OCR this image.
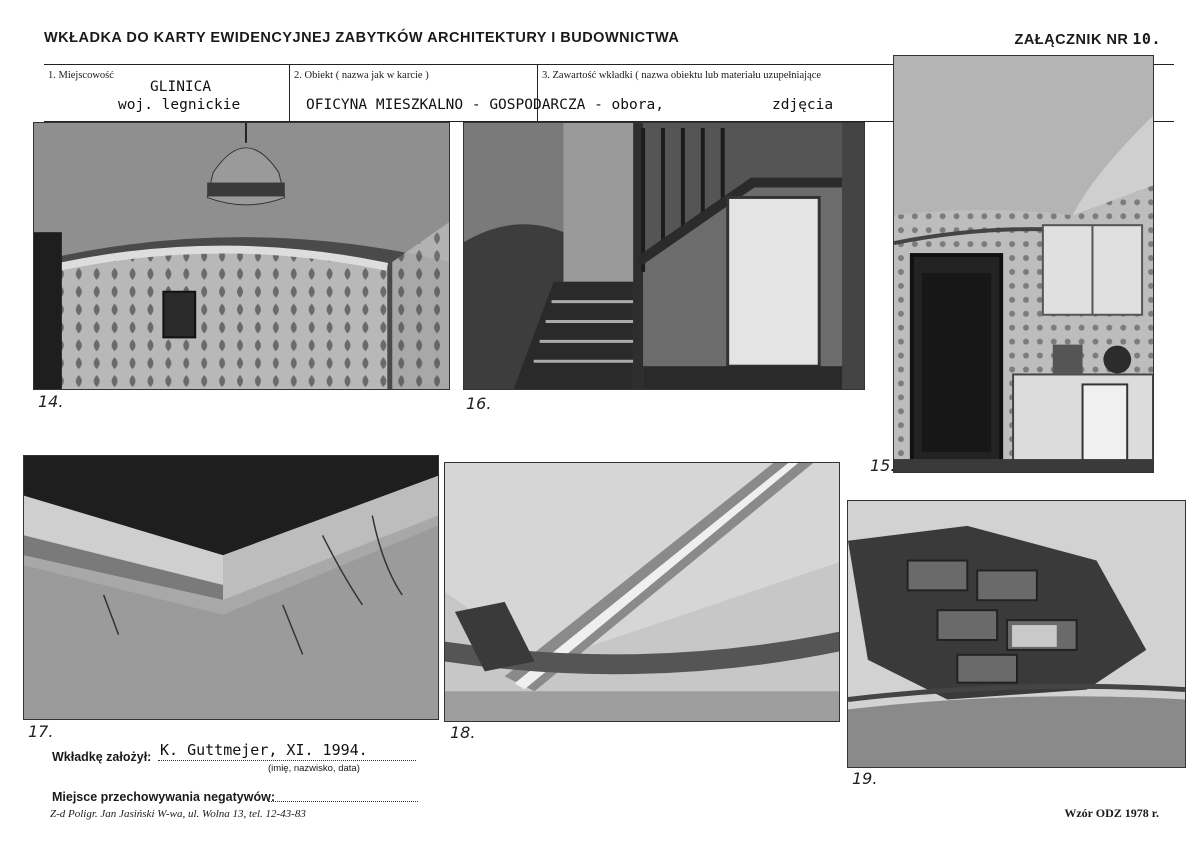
WKŁADKA DO KARTY EWIDENCYJNEJ ZABYTKÓW ARCHITEKTURY I BUDOWNICTWA	ZAŁĄCZNIK NR 10.
1. Miejscowość
GLINICA
woj. legnickie
2. Obiekt ( nazwa jak w karcie )
OFICYNA MIESZKALNO - GOSPODARCZA - obora,
3. Zawartość wkładki ( nazwa obiektu lub materiału uzupełniające
zdjęcia
14.	16.
15.
17.	18.
19.
Wkładkę założył: K. Guttmejer, XI. 1994.
(imię, nazwisko, data)
Miejsce przechowywania negatywów:
Z-d Poligr. Jan Jasiński W-wa, ul. Wolna 13, tel. 12-43-83	Wzór ODZ 1978 r.
